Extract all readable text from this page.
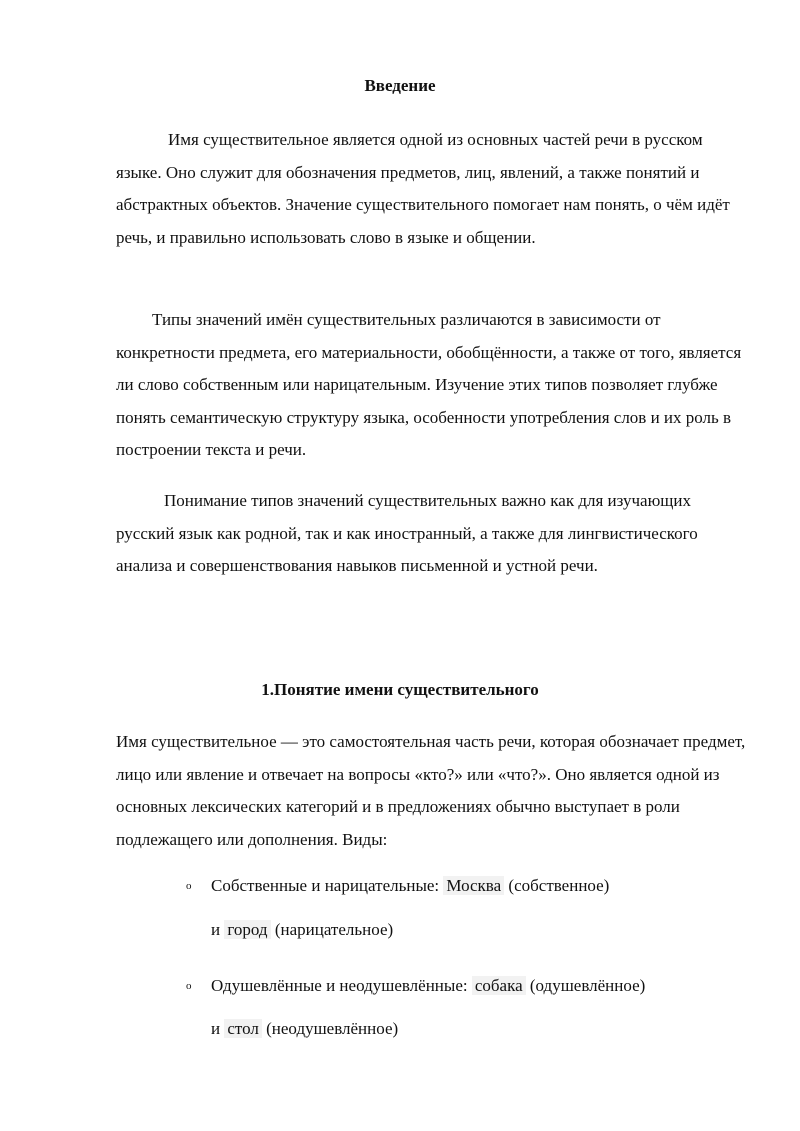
Введение

Имя существительное является одной из основных частей речи в русском языке. Оно служит для обозначения предметов, лиц, явлений, а также понятий и абстрактных объектов. Значение существительного помогает нам понять, о чём идёт речь, и правильно использовать слово в языке и общении.

Типы значений имён существительных различаются в зависимости от конкретности предмета, его материальности, обобщённости, а также от того, является ли слово собственным или нарицательным. Изучение этих типов позволяет глубже понять семантическую структуру языка, особенности употребления слов и их роль в построении текста и речи.

Понимание типов значений существительных важно как для изучающих русский язык как родной, так и как иностранный, а также для лингвистического анализа и совершенствования навыков письменной и устной речи.

1.Понятие имени существительного

Имя существительное — это самостоятельная часть речи, которая обозначает предмет, лицо или явление и отвечает на вопросы «кто?» или «что?». Оно является одной из основных лексических категорий и в предложениях обычно выступает в роли подлежащего или дополнения. Виды:

o Собственные и нарицательные: Москва (собственное)
и город (нарицательное)
o Одушевлённые и неодушевлённые: собака (одушевлённое)
и стол (неодушевлённое)
